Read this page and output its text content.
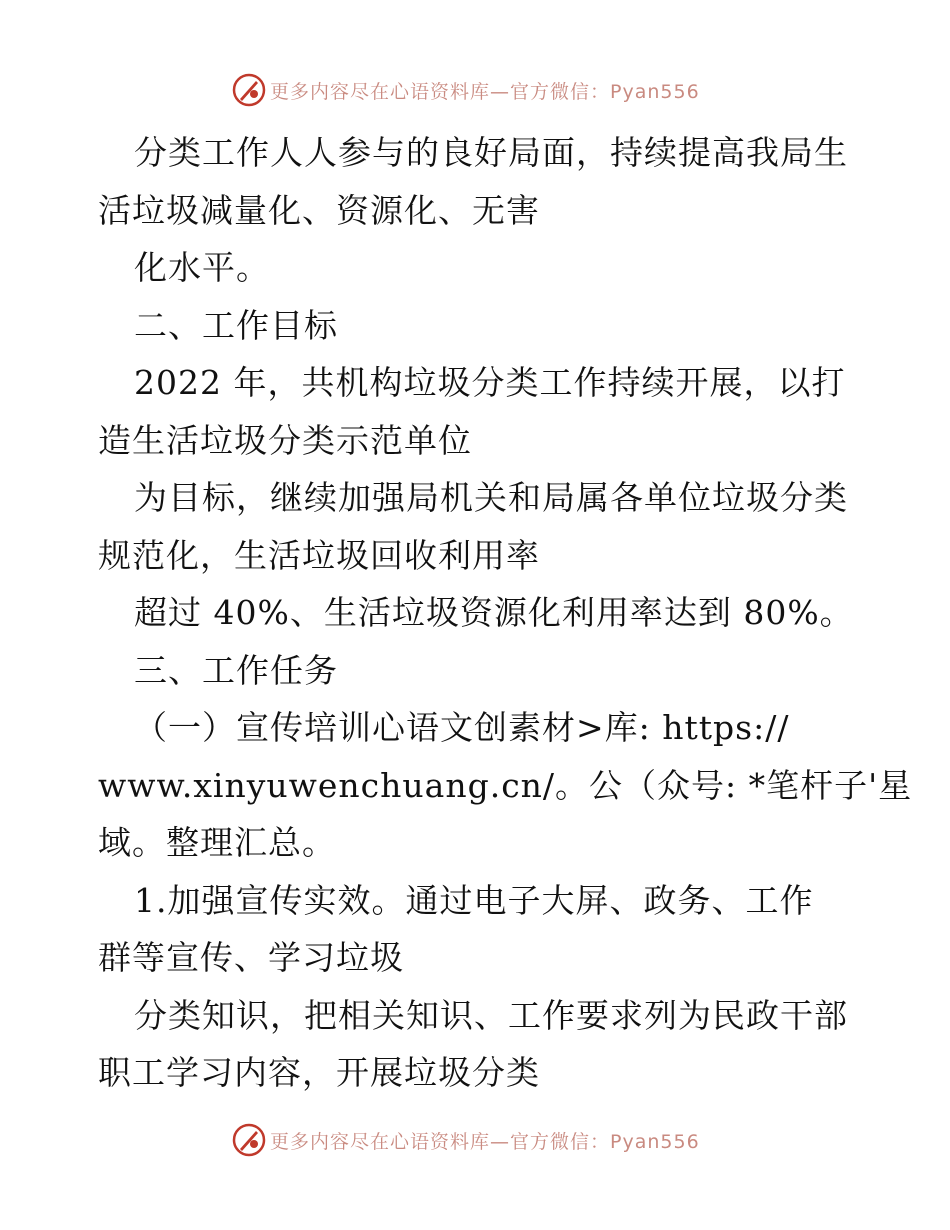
更多内容尽在心语资料库—官方微信：Pyan556
分类工作人人参与的良好局面，持续提高我局生
活垃圾减量化、资源化、无害
化水平。
二、工作目标
2022 年，共机构垃圾分类工作持续开展，以打
造生活垃圾分类示范单位
为目标，继续加强局机关和局属各单位垃圾分类
规范化，生活垃圾回收利用率
超过 40%、生活垃圾资源化利用率达到 80%。
三、工作任务
（一）宣传培训心语文创素材>库: https://
www.xinyuwenchuang.cn/。公（众号: *笔杆子'星
域。整理汇总。
1.加强宣传实效。通过电子大屏、政务、工作
群等宣传、学习垃圾
分类知识，把相关知识、工作要求列为民政干部
职工学习内容，开展垃圾分类
更多内容尽在心语资料库—官方微信：Pyan556
